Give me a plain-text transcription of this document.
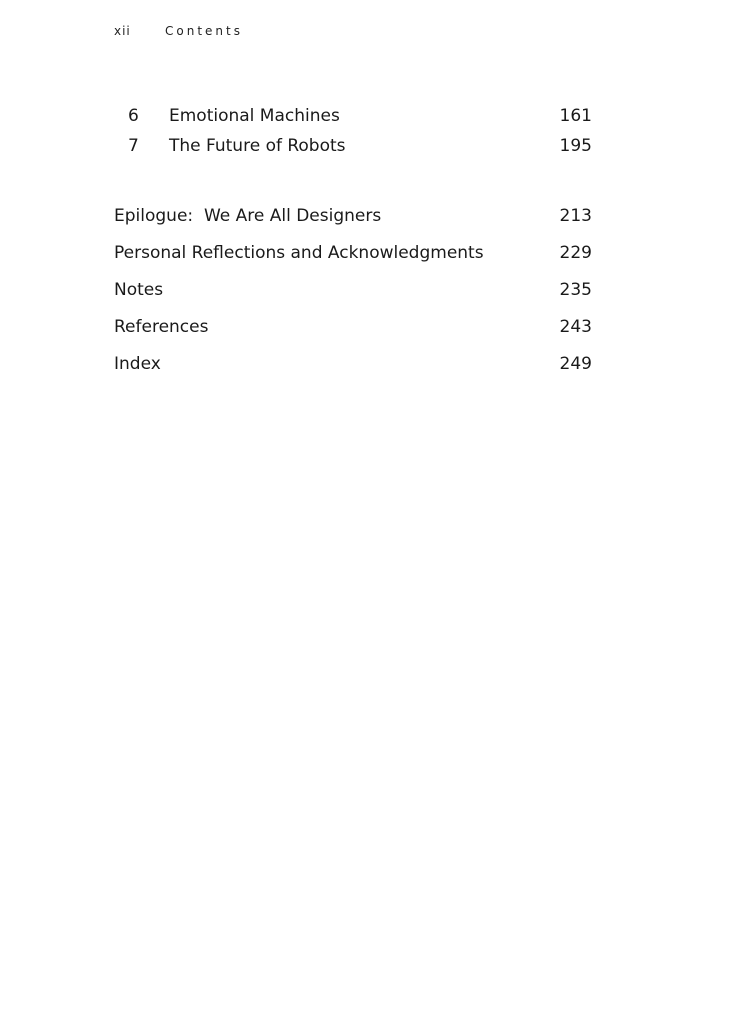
xii	Contents
6 Emotional Machines	161
7 The Future of Robots	195
Epilogue:  We Are All Designers	213
Personal Reflections and Acknowledgments	229
Notes	235
References	243
Index	249
